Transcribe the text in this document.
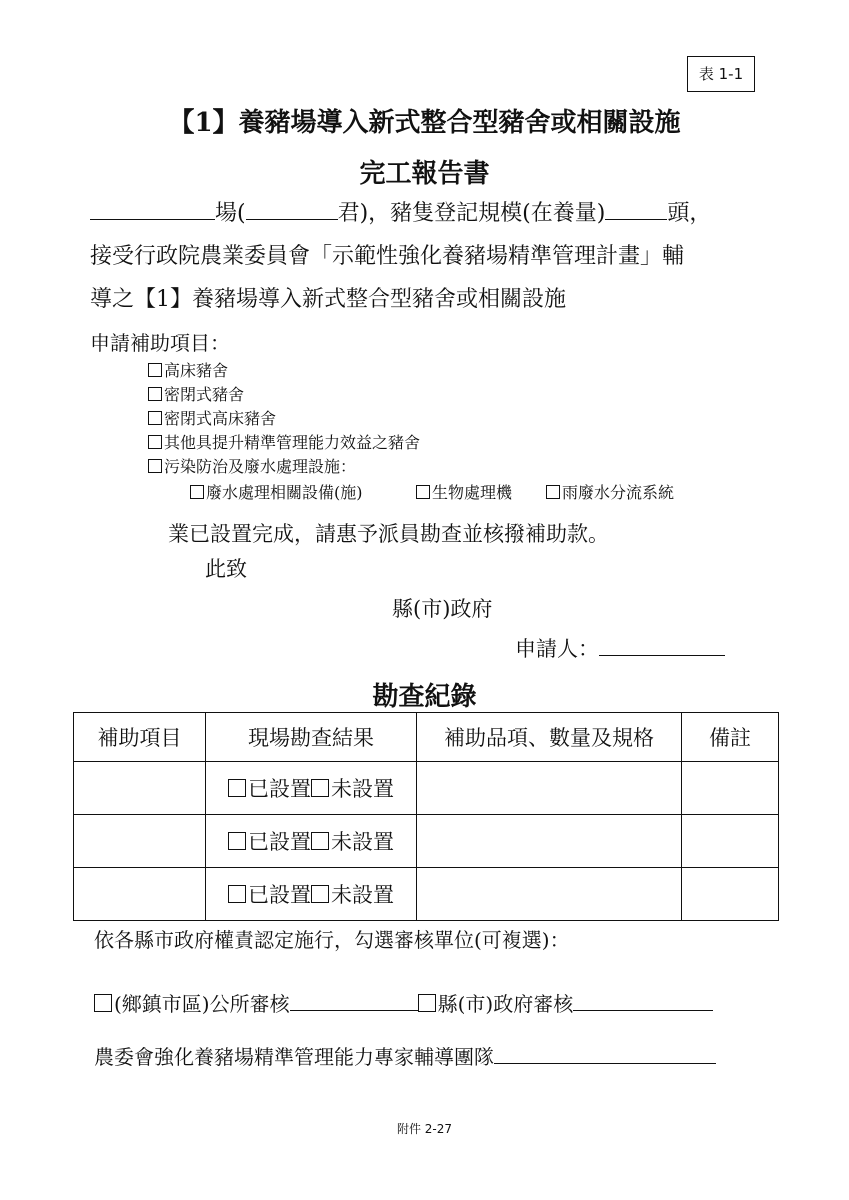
表 1-1
【1】養豬場導入新式整合型豬舍或相關設施
完工報告書
場(	君)，豬隻登記規模(在養量)	頭，
接受行政院農業委員會「示範性強化養豬場精準管理計畫」輔
導之【1】養豬場導入新式整合型豬舍或相關設施
申請補助項目：
高床豬舍
密閉式豬舍
密閉式高床豬舍
其他具提升精準管理能力效益之豬舍
污染防治及廢水處理設施：
廢水處理相關設備(施)	生物處理機	雨廢水分流系統
業已設置完成，請惠予派員勘查並核撥補助款。
此致
縣(市)政府
申請人：
勘查紀錄
補助項目	現場勘查結果	補助品項、數量及規格	備註
	已設置 未設置		
	已設置 未設置		
	已設置 未設置		
依各縣市政府權責認定施行，勾選審核單位(可複選)：
(鄉鎮市區)公所審核	縣(市)政府審核
農委會強化養豬場精準管理能力專家輔導團隊
附件 2-27
